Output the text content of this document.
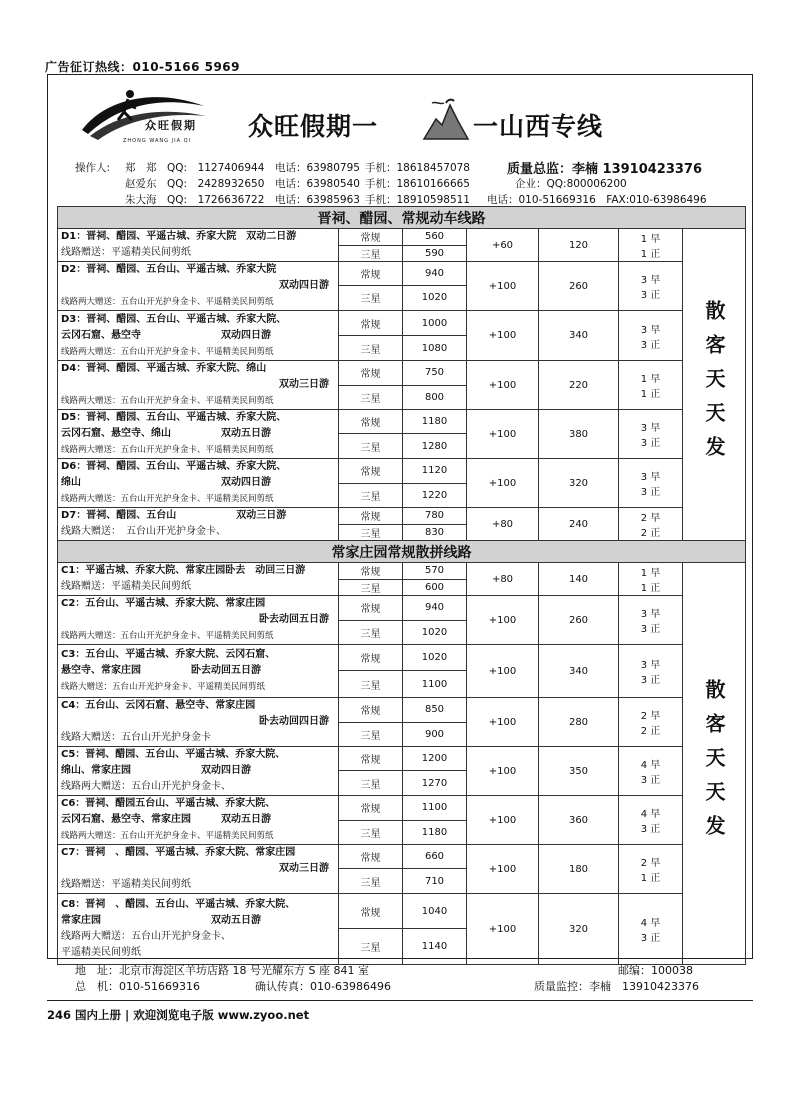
广告征订热线：010-5166 5969
众旺假期
ZHONG WANG JIA QI 众旺假期一	一山西专线
操作人: 郑　郑 QQ:　1127406944 电话：63980795 手机：18618457078	质量总监：李楠 13910423376
赵爱东 QQ:　2428932650 电话：63980540 手机：18610166665	企业：QQ:800006200
朱大海 QQ:　1726636722 电话：63985963 手机：18910598511 电话：010-51669316　FAX:010-63986496
晋祠、醋园、常规动车线路						

D1：晋祠、醋园、平遥古城、乔家大院　双动二日游
线路赠送：平遥精美民间剪纸	常规	560	+60	120	1 早
1 正	散客天天发
	三星	590				

D2：晋祠、醋园、五台山、平遥古城、乔家大院
双动四日游
线路两大赠送：五台山开光护身金卡、平遥精美民间剪纸	常规	940	+100	260	3 早
3 正	
	三星	1020				

D3：晋祠、醋园、五台山、平遥古城、乔家大院、
云冈石窟、悬空寺　　　　　　　　双动四日游
线路两大赠送：五台山开光护身金卡、平遥精美民间剪纸	常规	1000	+100	340	3 早
3 正	
	三星	1080				

D4：晋祠、醋园、平遥古城、乔家大院、绵山
双动三日游
线路两大赠送：五台山开光护身金卡、平遥精美民间剪纸	常规	750	+100	220	1 早
1 正	
	三星	800				

D5：晋祠、醋园、五台山、平遥古城、乔家大院、
云冈石窟、悬空寺、绵山　　　　　双动五日游
线路两大赠送：五台山开光护身金卡、平遥精美民间剪纸	常规	1180	+100	380	3 早
3 正	
	三星	1280				

D6：晋祠、醋园、五台山、平遥古城、乔家大院、
绵山　　　　　　　　　　　　　　双动四日游
线路两大赠送：五台山开光护身金卡、平遥精美民间剪纸	常规	1120	+100	320	3 早
3 正	
	三星	1220				

D7：晋祠、醋园、五台山　　　　　　双动三日游
线路大赠送：　五台山开光护身金卡、	常规	780	+80	240	2 早
2 正	
	三星	830				
常家庄园常规散拼线路						

C1：平遥古城、乔家大院、常家庄园卧去　动回三日游
线路赠送：平遥精美民间剪纸	常规	570	+80	140	1 早
1 正	散客天天发
	三星	600				

C2：五台山、平遥古城、乔家大院、常家庄园
卧去动回五日游
线路两大赠送：五台山开光护身金卡、平遥精美民间剪纸	常规	940	+100	260	3 早
3 正	
	三星	1020				

C3：五台山、平遥古城、乔家大院、云冈石窟、
悬空寺、常家庄园　　　　　卧去动回五日游
线路大赠送：五台山开光护身金卡、平遥精美民间剪纸	常规	1020	+100	340	3 早
3 正	
	三星	1100				

C4：五台山、云冈石窟、悬空寺、常家庄园
卧去动回四日游
线路大赠送：五台山开光护身金卡	常规	850	+100	280	2 早
2 正	
	三星	900				

C5：晋祠、醋园、五台山、平遥古城、乔家大院、
绵山、常家庄园　　　　　　　双动四日游
线路两大赠送：五台山开光护身金卡、	常规	1200	+100	350	4 早
3 正	
	三星	1270				

C6：晋祠、醋园五台山、平遥古城、乔家大院、
云冈石窟、悬空寺、常家庄园　　　双动五日游
线路两大赠送：五台山开光护身金卡、平遥精美民间剪纸	常规	1100	+100	360	4 早
3 正	
	三星	1180				

C7：晋祠　、醋园、平遥古城、乔家大院、常家庄园
双动三日游
线路赠送：平遥精美民间剪纸	常规	660	+100	180	2 早
1 正	
	三星	710				

C8：晋祠　、醋园、五台山、平遥古城、乔家大院、
常家庄园　　　　　　　　　　　双动五日游
线路两大赠送：五台山开光护身金卡、
平遥精美民间剪纸	常规	1040	+100	320	4 早
3 正	
	三星	1140				
地　址：北京市海淀区羊坊店路 18 号光耀东方 S 座 841 室	邮编：100038
总　机：010-51669316	确认传真：010-63986496	质量监控：李楠　13910423376
246 国内上册 | 欢迎浏览电子版 www.zyoo.net
